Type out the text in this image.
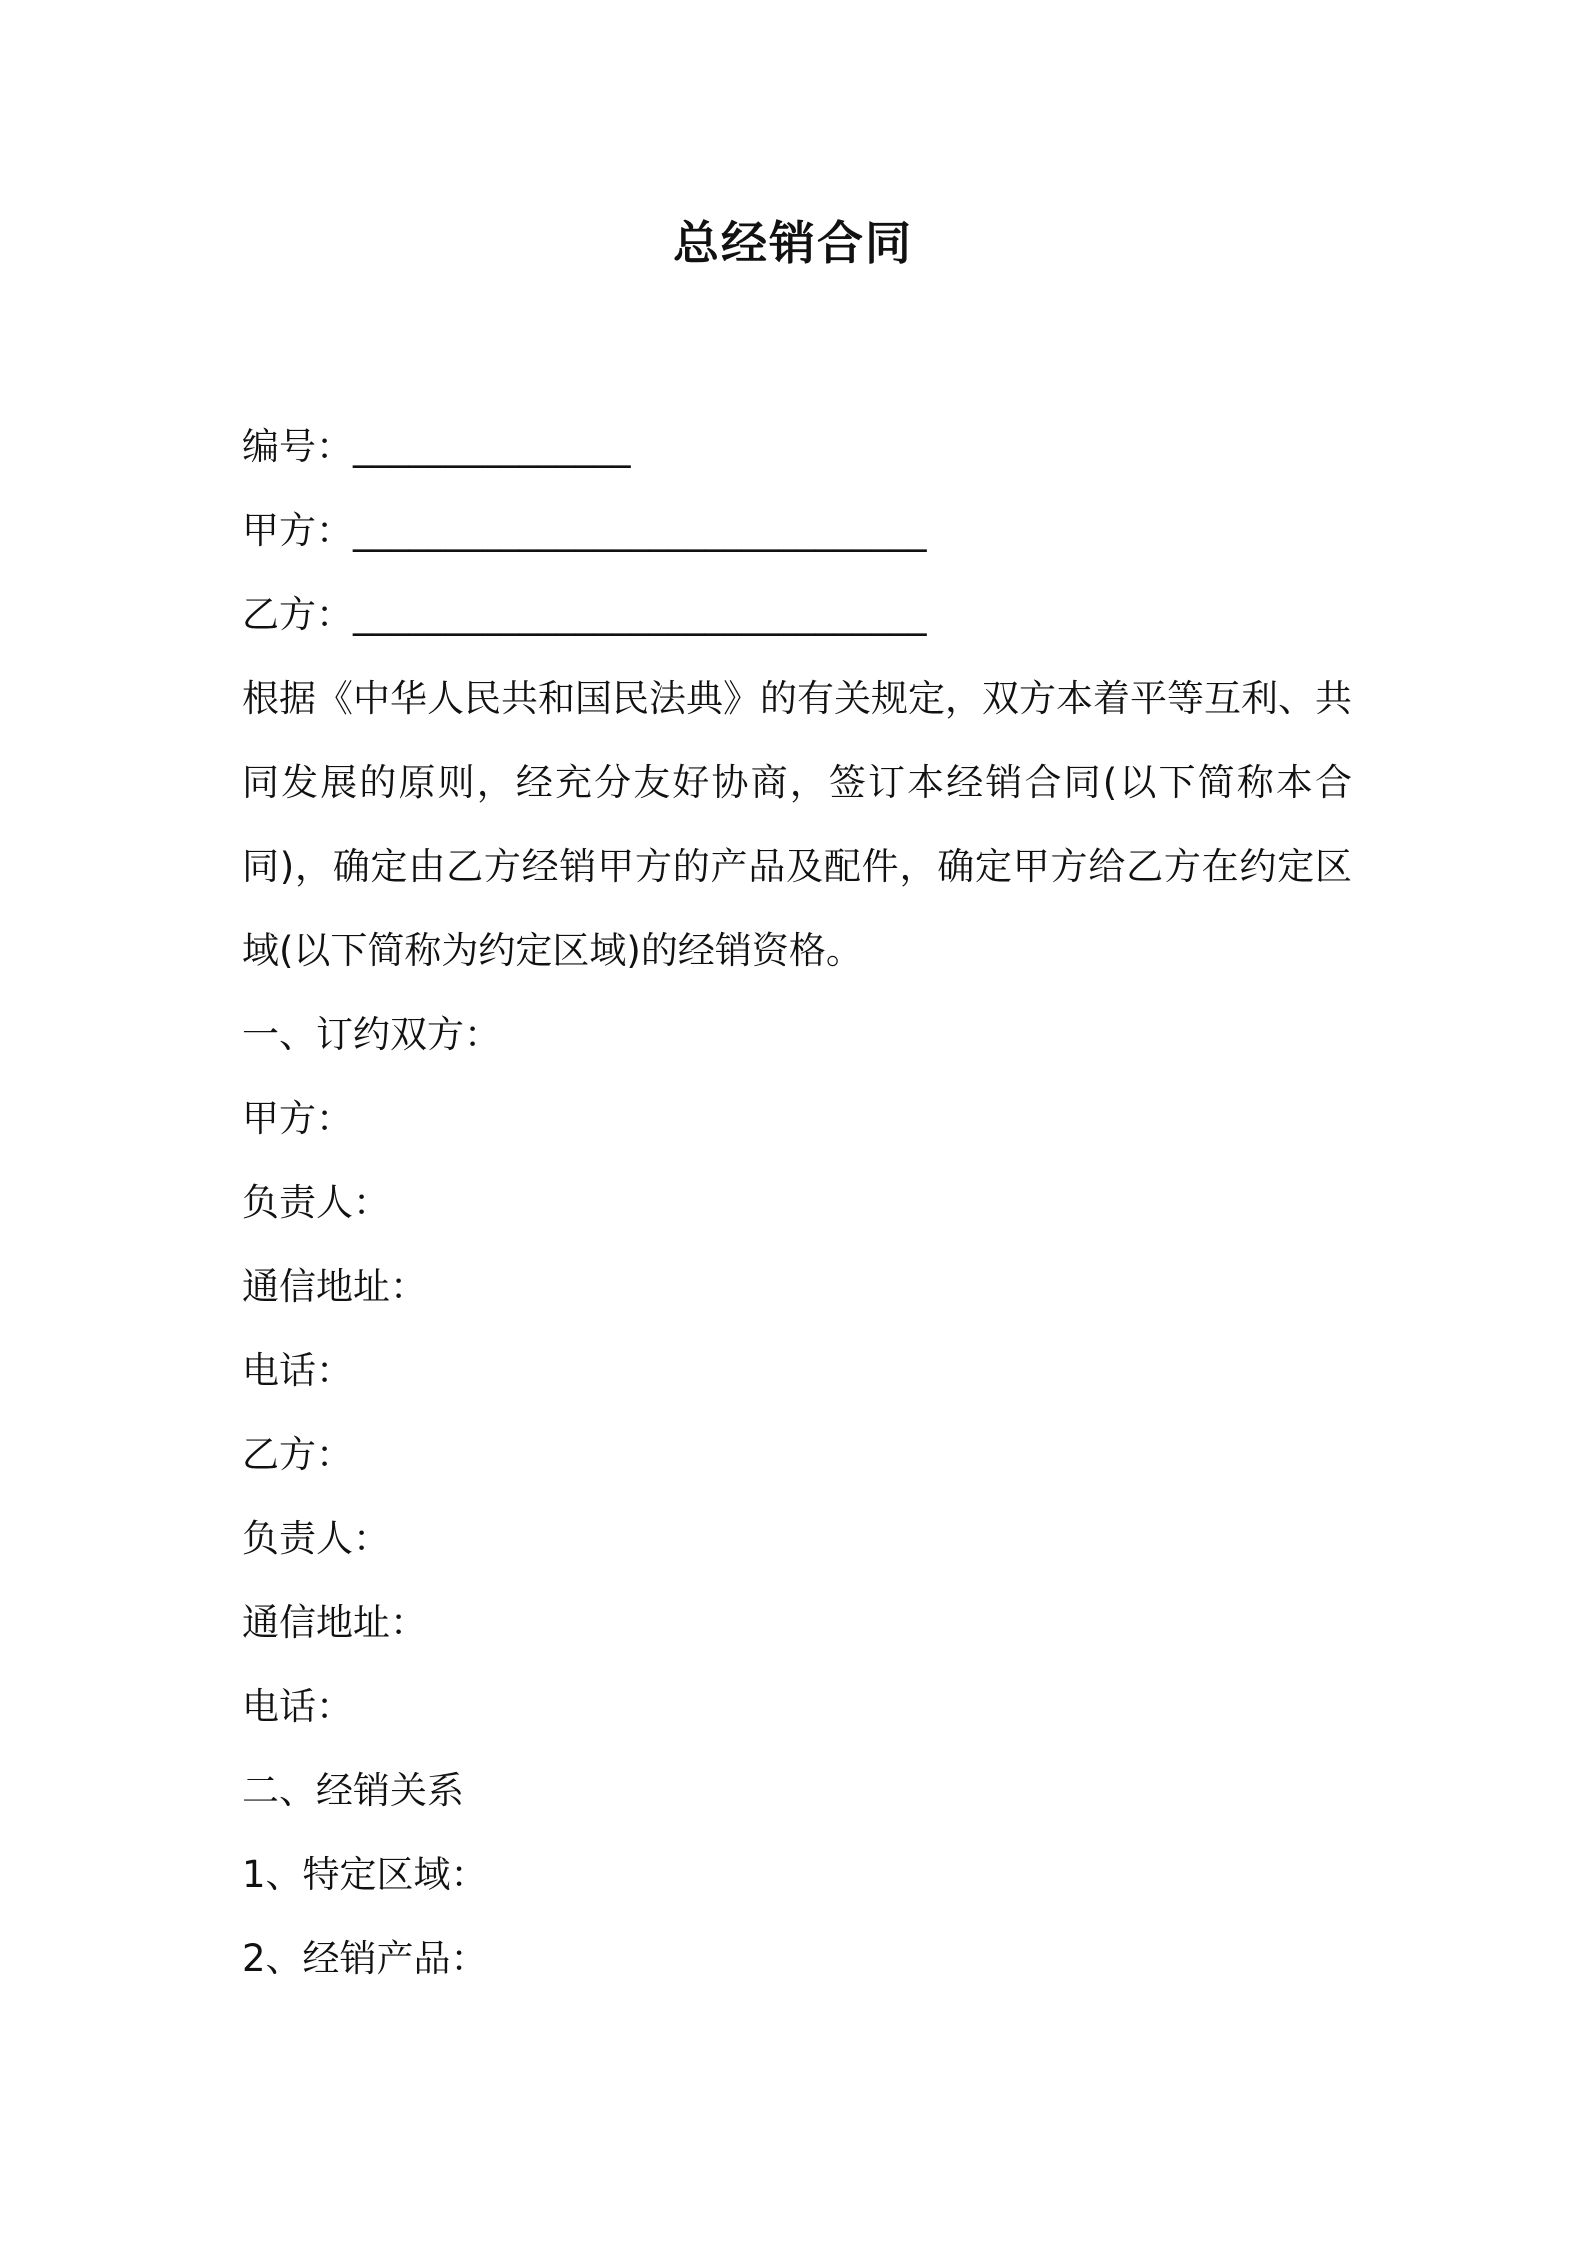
总经销合同
编号：_______________
甲方：_______________________________
乙方：_______________________________
根据《中华人民共和国民法典》的有关规定，双方本着平等互利、共同发展的原则，经充分友好协商，签订本经销合同(以下简称本合同)，确定由乙方经销甲方的产品及配件，确定甲方给乙方在约定区域(以下简称为约定区域)的经销资格。
一、订约双方：
甲方：
负责人：
通信地址：
电话：
乙方：
负责人：
通信地址：
电话：
二、经销关系
1、特定区域：
2、经销产品：
